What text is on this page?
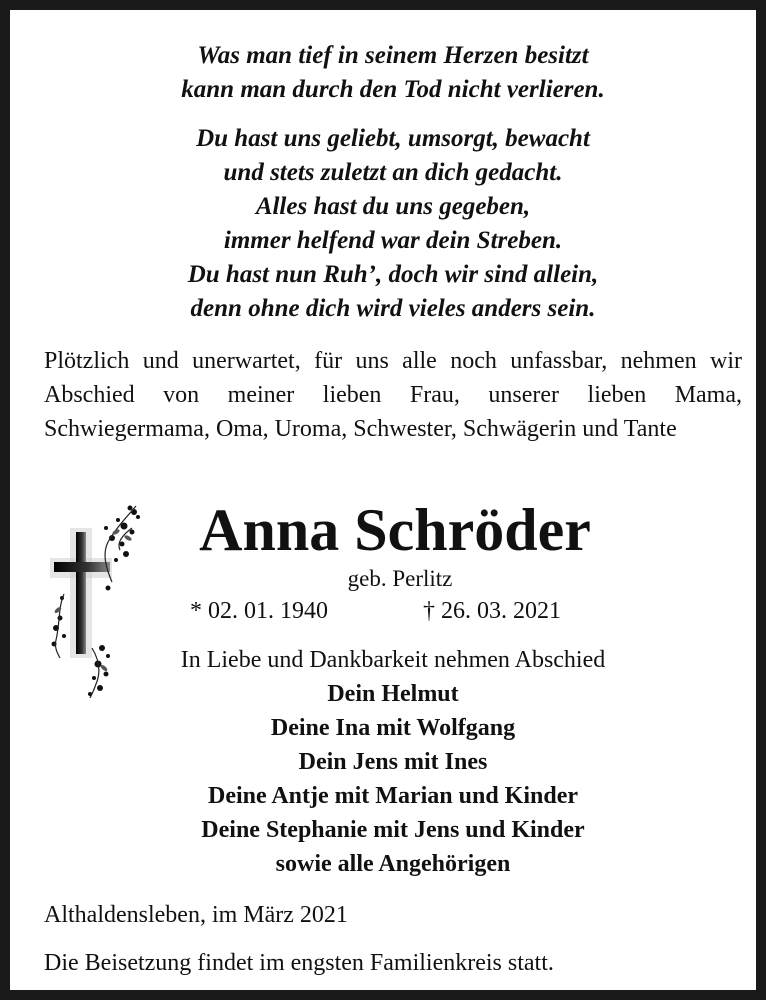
Was man tief in seinem Herzen besitzt
kann man durch den Tod nicht verlieren.
Du hast uns geliebt, umsorgt, bewacht
und stets zuletzt an dich gedacht.
Alles hast du uns gegeben,
immer helfend war dein Streben.
Du hast nun Ruh’, doch wir sind allein,
denn ohne dich wird vieles anders sein.
Plötzlich und unerwartet, für uns alle noch unfassbar, nehmen wir Abschied von meiner lieben Frau, unserer lieben Mama, Schwiegermama, Oma, Uroma, Schwester, Schwägerin und Tante
Anna Schröder
geb. Perlitz
* 02. 01. 1940	† 26. 03. 2021
In Liebe und Dankbarkeit nehmen Abschied
Dein Helmut
Deine Ina mit Wolfgang
Dein Jens mit Ines
Deine Antje mit Marian und Kinder
Deine Stephanie mit Jens und Kinder
sowie alle Angehörigen
Althaldensleben, im März 2021
Die Beisetzung findet im engsten Familienkreis statt.
